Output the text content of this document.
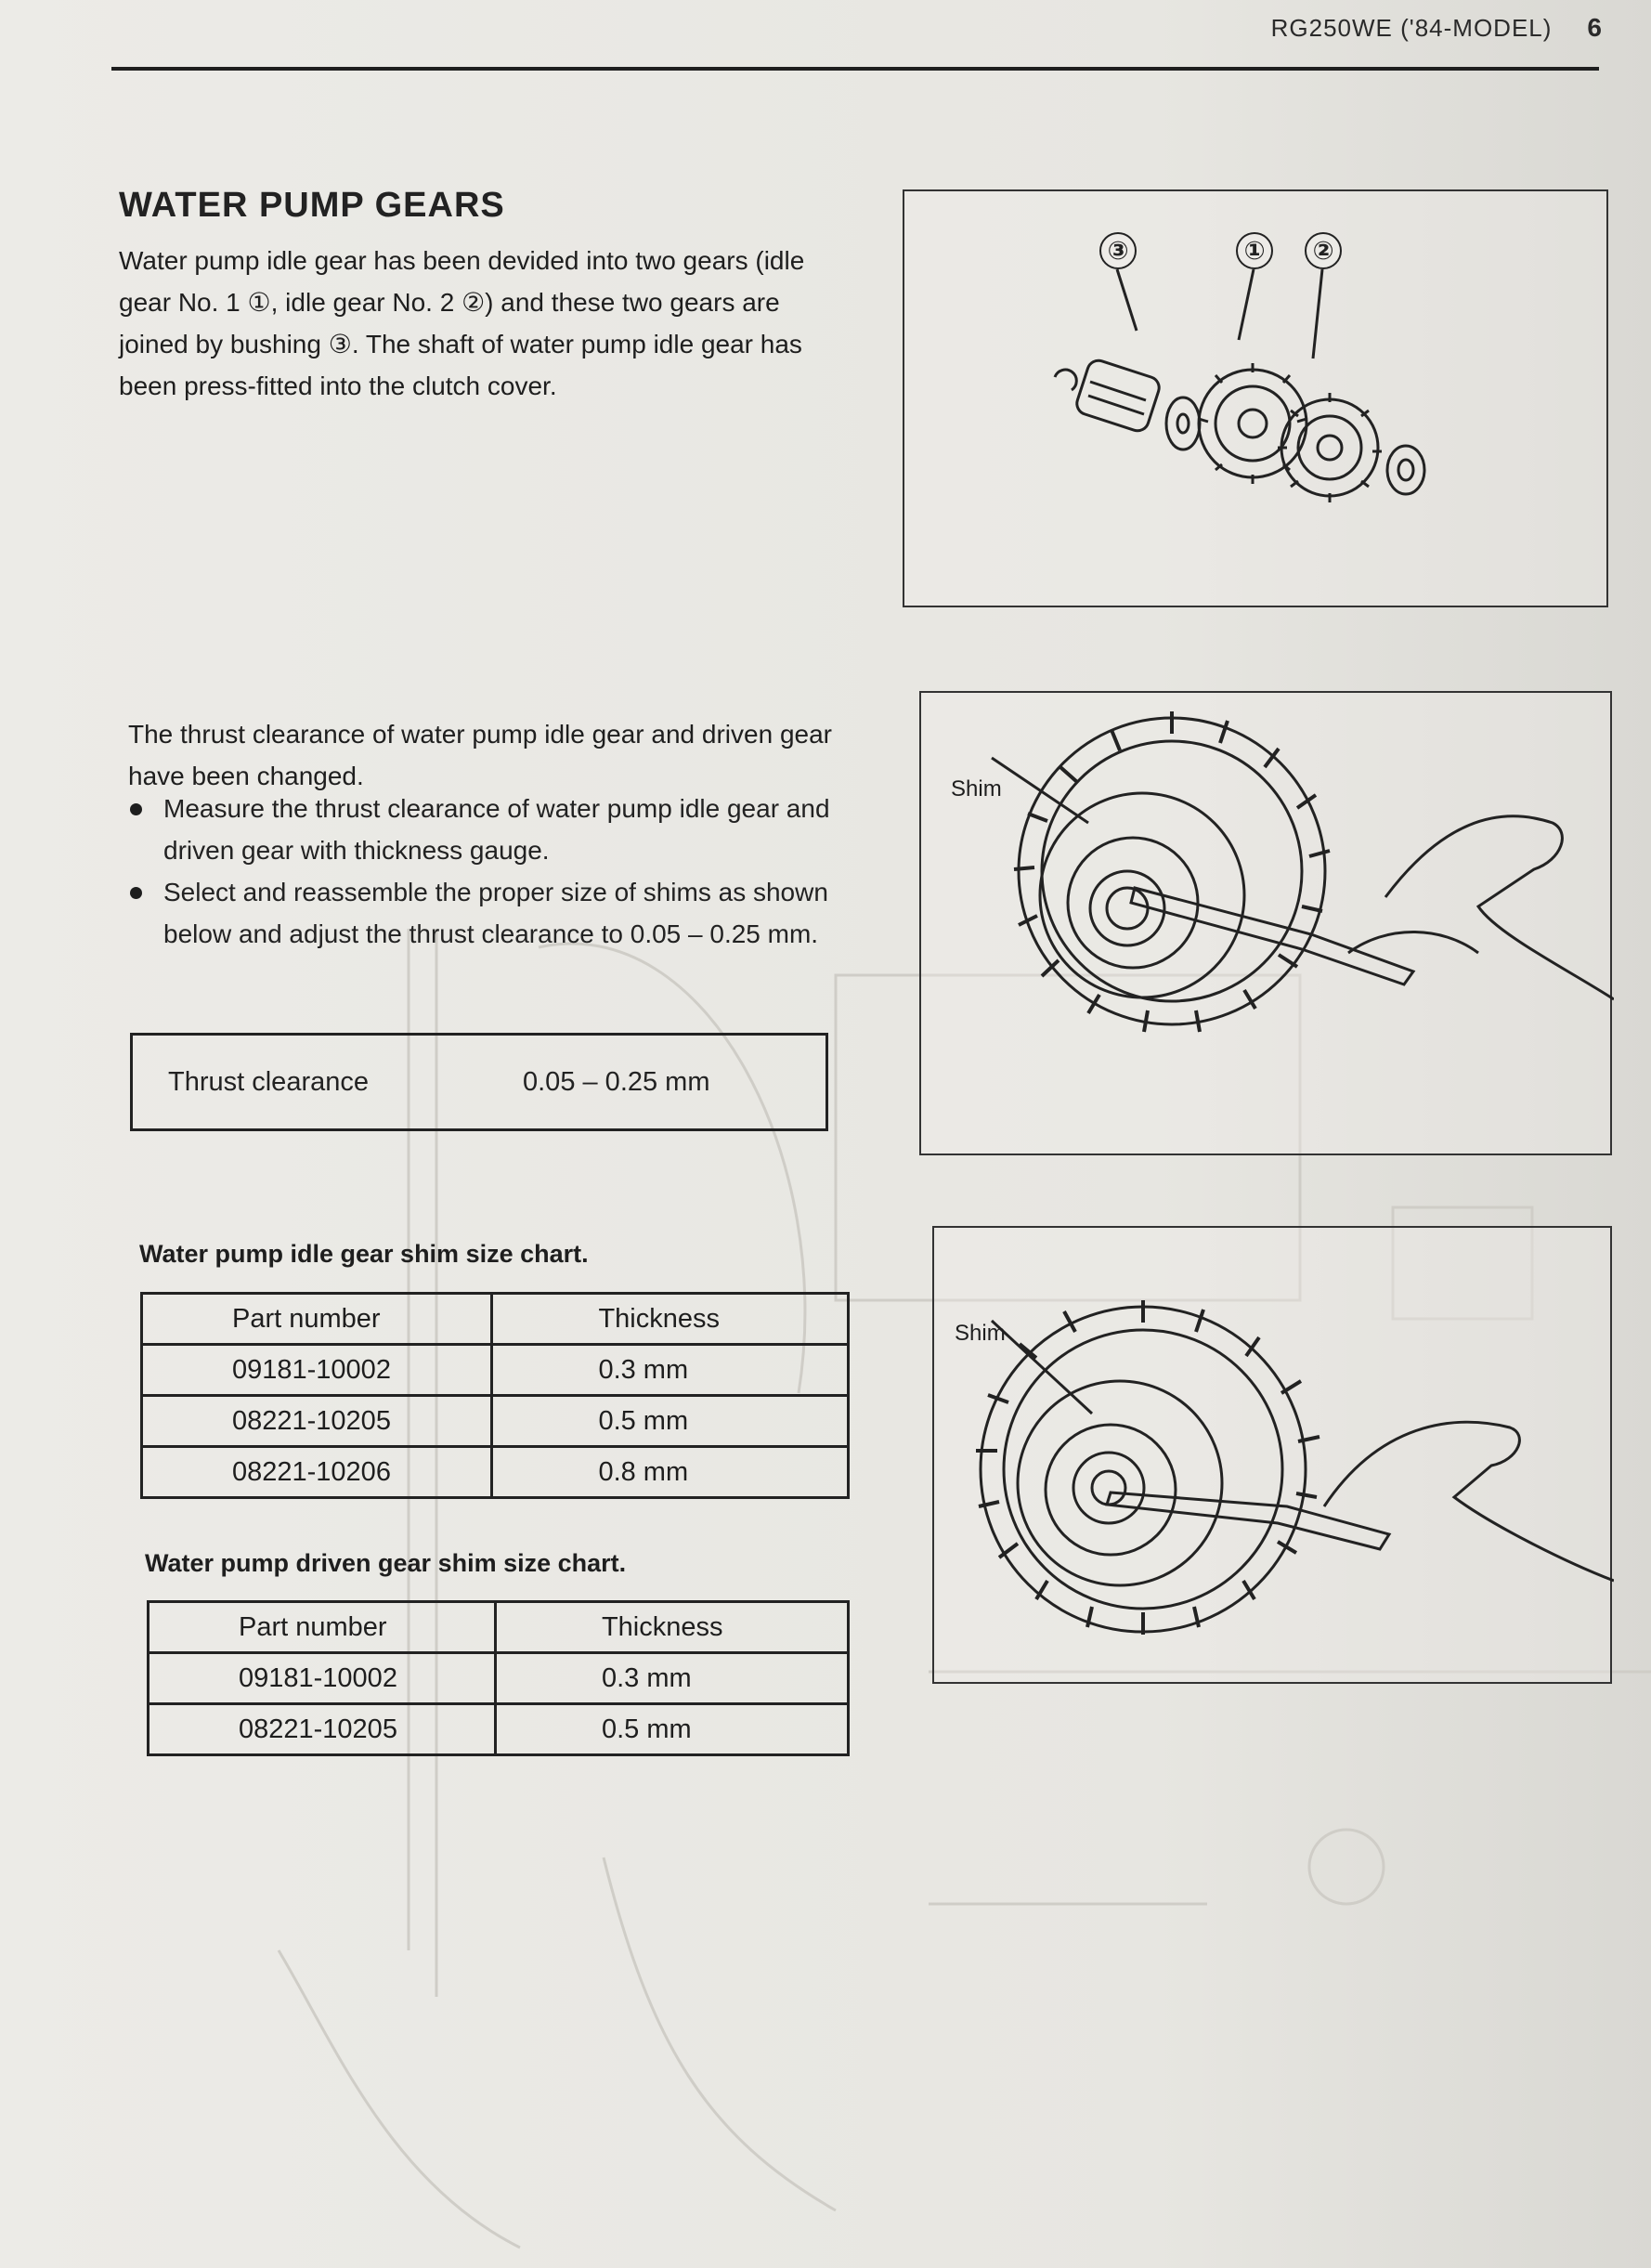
RG250WE ('84-MODEL) 6
WATER PUMP GEARS

Water pump idle gear has been devided into two gears (idle gear No. 1 ①, idle gear No. 2 ②) and these two gears are joined by bushing ③. The shaft of water pump idle gear has been press-fitted into the clutch cover.

③	①	②

The thrust clearance of water pump idle gear and driven gear have been changed.

Measure the thrust clearance of water pump idle gear and driven gear with thickness gauge.
Select and reassemble the proper size of shims as shown below and adjust the thrust clearance to 0.05 – 0.25 mm.
Shim
Thrust clearance	0.05 – 0.25 mm
Water pump idle gear shim size chart.
Part number	Thickness
09181-10002	0.3 mm
08221-10205	0.5 mm
08221-10206	0.8 mm
Shim
Water pump driven gear shim size chart.
Part number	Thickness
09181-10002	0.3 mm
08221-10205	0.5 mm
